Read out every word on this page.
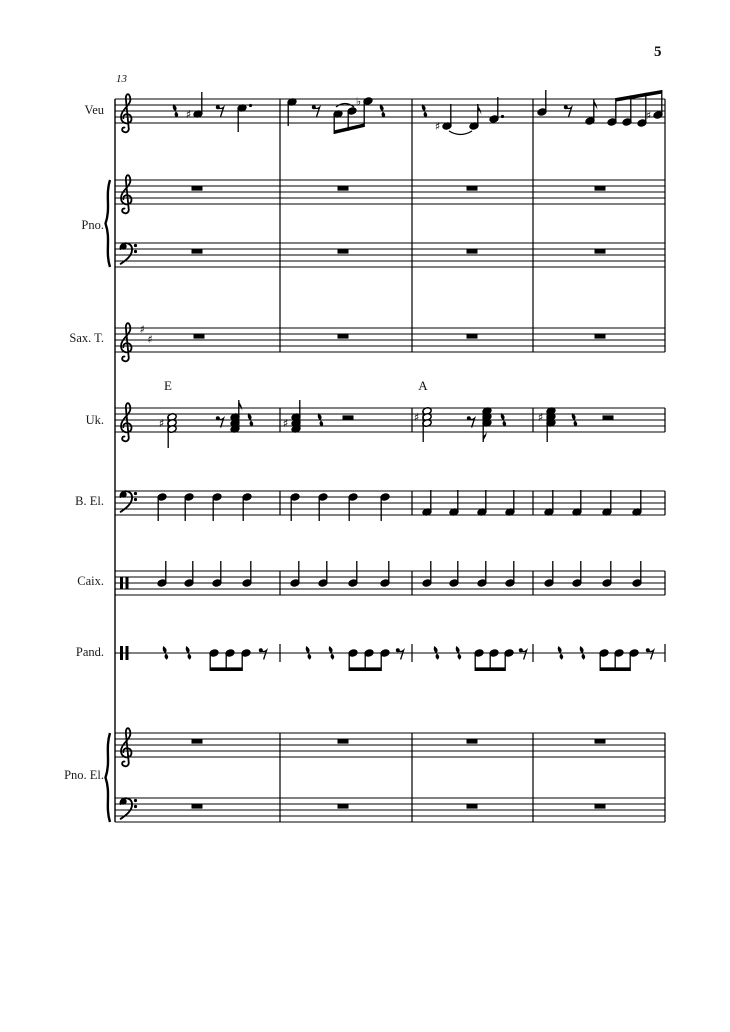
5
13
Veu
Pno.
Sax. T.
Uk.
B. El.
Caix.
Pand.
Pno. El.
♯
♭
♯
♯
♯
♯
♯	♯	♯	♯
E	A
